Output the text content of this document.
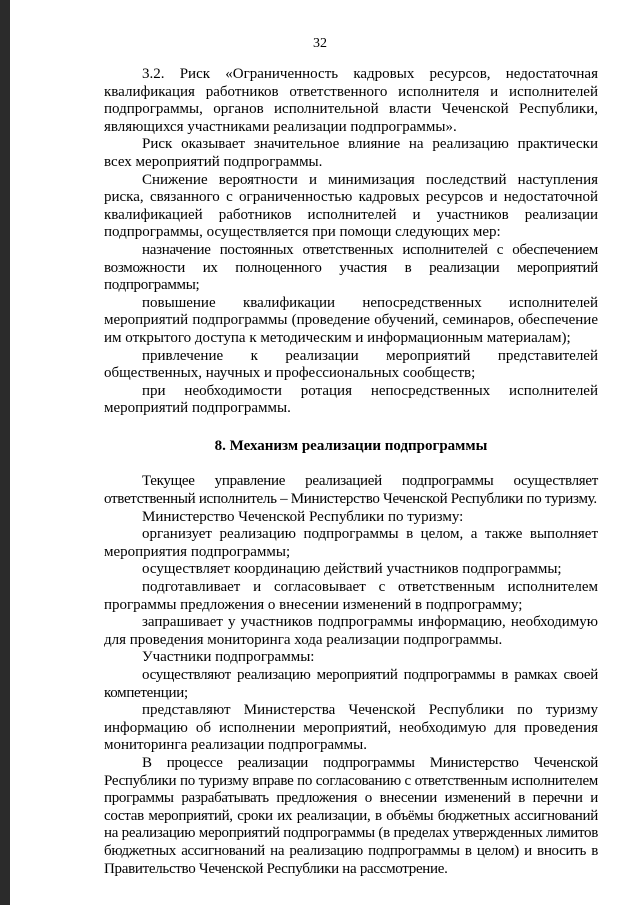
32

3.2. Риск «Ограниченность кадровых ресурсов, недостаточная квалификация работников ответственного исполнителя и исполнителей подпрограммы, органов исполнительной власти Чеченской Республики, являющихся участниками реализации подпрограммы».

Риск оказывает значительное влияние на реализацию практически всех мероприятий подпрограммы.

Снижение вероятности и минимизация последствий наступления риска, связанного с ограниченностью кадровых ресурсов и недостаточной квалификацией работников исполнителей и участников реализации подпрограммы, осуществляется при помощи следующих мер:

назначение постоянных ответственных исполнителей с обеспечением возможности их полноценного участия в реализации мероприятий подпрограммы;

повышение квалификации непосредственных исполнителей мероприятий подпрограммы (проведение обучений, семинаров, обеспечение им открытого доступа к методическим и информационным материалам);

привлечение к реализации мероприятий представителей общественных, научных и профессиональных сообществ;

при необходимости ротация непосредственных исполнителей мероприятий подпрограммы.

8. Механизм реализации подпрограммы

Текущее управление реализацией подпрограммы осуществляет ответственный исполнитель – Министерство Чеченской Республики по туризму.

Министерство Чеченской Республики по туризму:

организует реализацию подпрограммы в целом, а также выполняет мероприятия подпрограммы;

осуществляет координацию действий участников подпрограммы;

подготавливает и согласовывает с ответственным исполнителем программы предложения о внесении изменений в подпрограмму;

запрашивает у участников подпрограммы информацию, необходимую для проведения мониторинга хода реализации подпрограммы.

Участники подпрограммы:

осуществляют реализацию мероприятий подпрограммы в рамках своей компетенции;

представляют Министерства Чеченской Республики по туризму информацию об исполнении мероприятий, необходимую для проведения мониторинга реализации подпрограммы.

В процессе реализации подпрограммы Министерство Чеченской Республики по туризму вправе по согласованию с ответственным исполнителем программы разрабатывать предложения о внесении изменений в перечни и состав мероприятий, сроки их реализации, в объёмы бюджетных ассигнований на реализацию мероприятий подпрограммы (в пределах утвержденных лимитов бюджетных ассигнований на реализацию подпрограммы в целом) и вносить в Правительство Чеченской Республики на рассмотрение.
